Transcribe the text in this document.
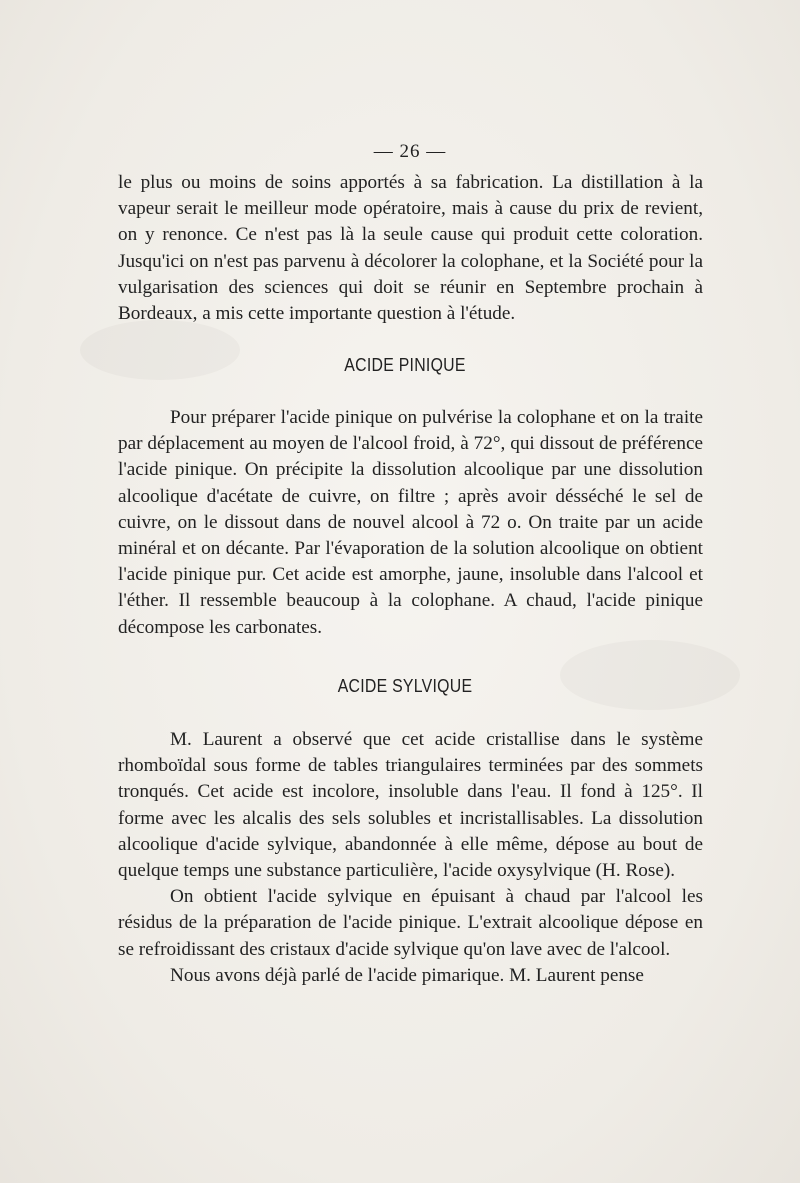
— 26 —

le plus ou moins de soins apportés à sa fabrication. La distillation à la vapeur serait le meilleur mode opératoire, mais à cause du prix de revient, on y renonce. Ce n'est pas là la seule cause qui produit cette coloration. Jusqu'ici on n'est pas parvenu à décolorer la colophane, et la Société pour la vulgarisation des sciences qui doit se réunir en Septembre prochain à Bordeaux, a mis cette importante question à l'étude.

ACIDE PINIQUE

Pour préparer l'acide pinique on pulvérise la colophane et on la traite par déplacement au moyen de l'alcool froid, à 72°, qui dissout de préférence l'acide pinique. On précipite la dissolution alcoolique par une dissolution alcoolique d'acétate de cuivre, on filtre ; après avoir désséché le sel de cuivre, on le dissout dans de nouvel alcool à 72 o. On traite par un acide minéral et on décante. Par l'évaporation de la solution alcoolique on obtient l'acide pinique pur. Cet acide est amorphe, jaune, insoluble dans l'alcool et l'éther. Il ressemble beaucoup à la colophane. A chaud, l'acide pinique décompose les carbonates.

ACIDE SYLVIQUE

M. Laurent a observé que cet acide cristallise dans le système rhomboïdal sous forme de tables triangulaires terminées par des sommets tronqués. Cet acide est incolore, insoluble dans l'eau. Il fond à 125°. Il forme avec les alcalis des sels solubles et incristallisables. La dissolution alcoolique d'acide sylvique, abandonnée à elle même, dépose au bout de quelque temps une substance particulière, l'acide oxysylvique (H. Rose).

On obtient l'acide sylvique en épuisant à chaud par l'alcool les résidus de la préparation de l'acide pinique. L'extrait alcoolique dépose en se refroidissant des cristaux d'acide sylvique qu'on lave avec de l'alcool.

Nous avons déjà parlé de l'acide pimarique. M. Laurent pense
